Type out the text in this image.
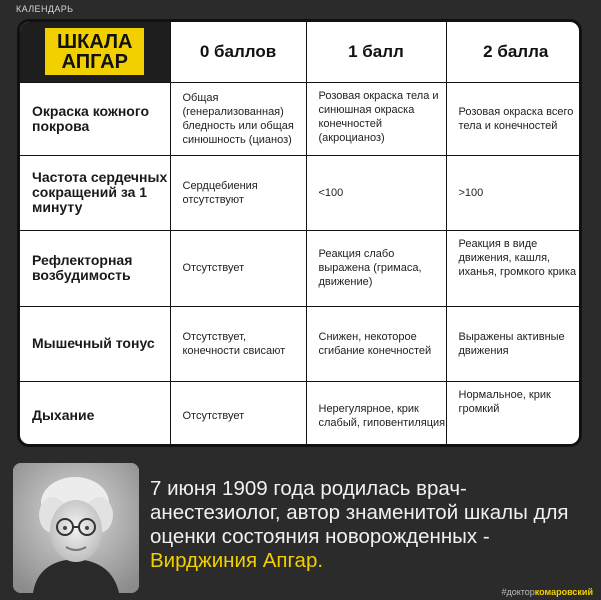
КАЛЕНДАРЬ
ШКАЛА
АПГАР	0 баллов	1 балл	2 балла
Окраска кожного покрова	Общая (генерализованная) бледность или общая синюшность (цианоз)	Розовая окраска тела и синюшная окраска конечностей (акроцианоз)	Розовая окраска всего тела и конечностей
Частота сердечных сокращений за 1 минуту	Сердцебиения отсутствуют	<100	>100
Рефлекторная возбудимость	Отсутствует	Реакция слабо выражена (гримаса, движение)	Реакция в виде движения, кашля, иханья, громкого крика
Мышечный тонус	Отсутствует, конечности свисают	Снижен, некоторое сгибание конечностей	Выражены активные движения
Дыхание	Отсутствует	Нерегулярное, крик слабый, гиповентиляция	Нормальное, крик громкий
7 июня 1909 года родилась врач-анестезиолог, автор знаменитой шкалы для оценки состояния новорожденных - Вирджиния Апгар.
#докторкомаровский
